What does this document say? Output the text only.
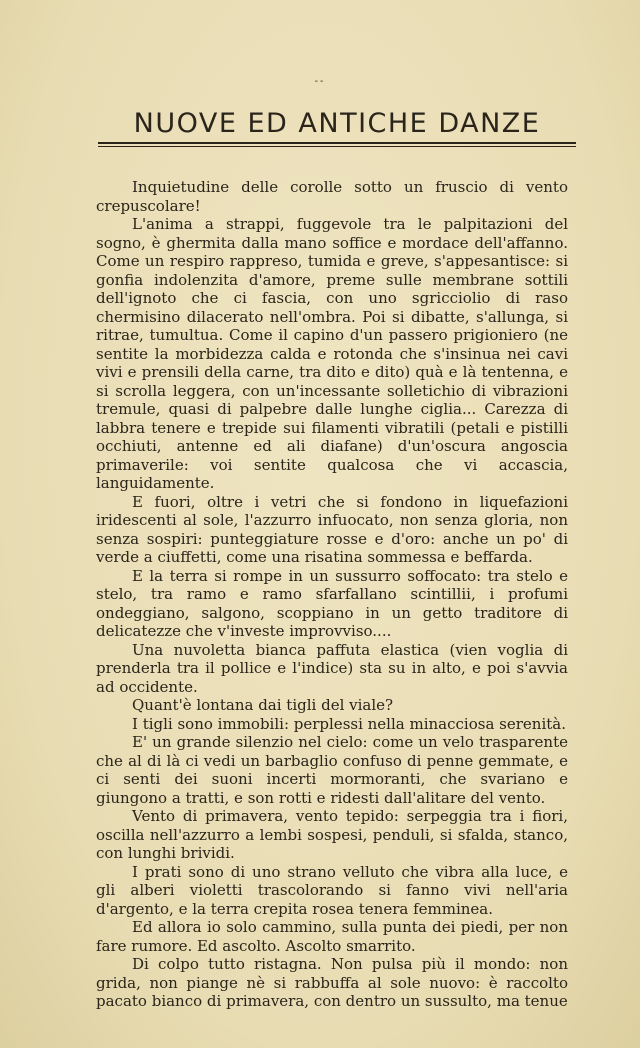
--
NUOVE ED ANTICHE DANZE

Inquietudine delle corolle sotto un fruscio di vento crepuscolare!

L'anima a strappi, fuggevole tra le palpitazioni del sogno, è ghermita dalla mano soffice e mordace dell'affanno. Come un respiro rappreso, tumida e greve, s'appesantisce: si gonfia indolenzita d'amore, preme sulle membrane sottili dell'ignoto che ci fascia, con uno sgricciolio di raso chermisino dilacerato nell'ombra. Poi si dibatte, s'allunga, si ritrae, tumultua. Come il capino d'un passero prigioniero (ne sentite la morbidezza calda e rotonda che s'insinua nei cavi vivi e prensili della carne, tra dito e dito) quà e là tentenna, e si scrolla leggera, con un'incessante solletichio di vibrazioni tremule, quasi di palpebre dalle lunghe ciglia... Carezza di labbra tenere e trepide sui filamenti vibratili (petali e pistilli occhiuti, antenne ed ali diafane) d'un'oscura angoscia primaverile: voi sentite qualcosa che vi accascia, languidamente.

E fuori, oltre i vetri che si fondono in liquefazioni iridescenti al sole, l'azzurro infuocato, non senza gloria, non senza sospiri: punteggiature rosse e d'oro: anche un po' di verde a ciuffetti, come una risatina sommessa e beffarda.

E la terra si rompe in un sussurro soffocato: tra stelo e stelo, tra ramo e ramo sfarfallano scintillii, i profumi ondeggiano, salgono, scoppiano in un getto traditore di delicatezze che v'investe improvviso....

Una nuvoletta bianca paffuta elastica (vien voglia di prenderla tra il pollice e l'indice) sta su in alto, e poi s'avvia ad occidente.

Quant'è lontana dai tigli del viale?

I tigli sono immobili: perplessi nella minacciosa serenità.

E' un grande silenzio nel cielo: come un velo trasparente che al di là ci vedi un barbaglio confuso di penne gemmate, e ci senti dei suoni incerti mormoranti, che svariano e giungono a tratti, e son rotti e ridesti dall'alitare del vento.

Vento di primavera, vento tepido: serpeggia tra i fiori, oscilla nell'azzurro a lembi sospesi, penduli, si sfalda, stanco, con lunghi brividi.

I prati sono di uno strano velluto che vibra alla luce, e gli alberi violetti trascolorando si fanno vivi nell'aria d'argento, e la terra crepita rosea tenera femminea.

Ed allora io solo cammino, sulla punta dei piedi, per non fare rumore. Ed ascolto. Ascolto smarrito.

Di colpo tutto ristagna. Non pulsa più il mondo: non grida, non piange nè si rabbuffa al sole nuovo: è raccolto pacato bianco di primavera, con dentro un sussulto, ma tenue
